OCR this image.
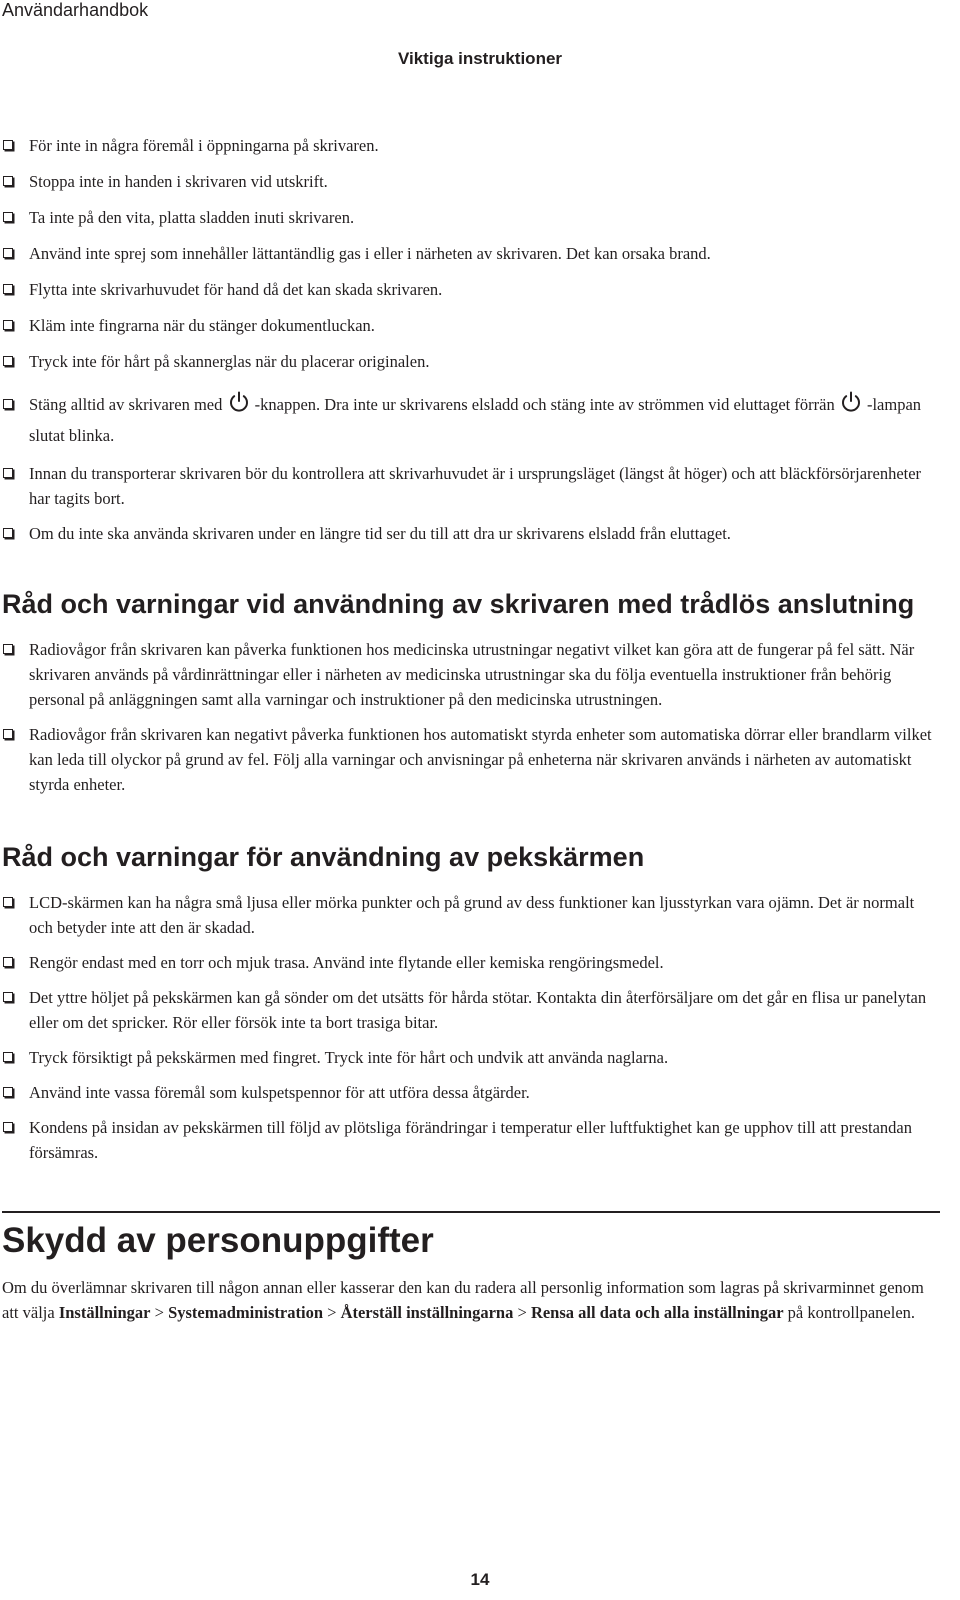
Användarhandbok
Viktiga instruktioner
För inte in några föremål i öppningarna på skrivaren.
Stoppa inte in handen i skrivaren vid utskrift.
Ta inte på den vita, platta sladden inuti skrivaren.
Använd inte sprej som innehåller lättantändlig gas i eller i närheten av skrivaren. Det kan orsaka brand.
Flytta inte skrivarhuvudet för hand då det kan skada skrivaren.
Kläm inte fingrarna när du stänger dokumentluckan.
Tryck inte för hårt på skannerglas när du placerar originalen.
Stäng alltid av skrivaren med  -knappen. Dra inte ur skrivarens elsladd och stäng inte av strömmen vid eluttaget förrän  -lampan slutat blinka.
Innan du transporterar skrivaren bör du kontrollera att skrivarhuvudet är i ursprungsläget (längst åt höger) och att bläckförsörjarenheter har tagits bort.
Om du inte ska använda skrivaren under en längre tid ser du till att dra ur skrivarens elsladd från eluttaget.
Råd och varningar vid användning av skrivaren med trådlös anslutning
Radiovågor från skrivaren kan påverka funktionen hos medicinska utrustningar negativt vilket kan göra att de fungerar på fel sätt. När skrivaren används på vårdinrättningar eller i närheten av medicinska utrustningar ska du följa eventuella instruktioner från behörig personal på anläggningen samt alla varningar och instruktioner på den medicinska utrustningen.
Radiovågor från skrivaren kan negativt påverka funktionen hos automatiskt styrda enheter som automatiska dörrar eller brandlarm vilket kan leda till olyckor på grund av fel. Följ alla varningar och anvisningar på enheterna när skrivaren används i närheten av automatiskt styrda enheter.
Råd och varningar för användning av pekskärmen
LCD-skärmen kan ha några små ljusa eller mörka punkter och på grund av dess funktioner kan ljusstyrkan vara ojämn. Det är normalt och betyder inte att den är skadad.
Rengör endast med en torr och mjuk trasa. Använd inte flytande eller kemiska rengöringsmedel.
Det yttre höljet på pekskärmen kan gå sönder om det utsätts för hårda stötar. Kontakta din återförsäljare om det går en flisa ur panelytan eller om det spricker. Rör eller försök inte ta bort trasiga bitar.
Tryck försiktigt på pekskärmen med fingret. Tryck inte för hårt och undvik att använda naglarna.
Använd inte vassa föremål som kulspetspennor för att utföra dessa åtgärder.
Kondens på insidan av pekskärmen till följd av plötsliga förändringar i temperatur eller luftfuktighet kan ge upphov till att prestandan försämras.
Skydd av personuppgifter
Om du överlämnar skrivaren till någon annan eller kasserar den kan du radera all personlig information som lagras på skrivarminnet genom att välja Inställningar > Systemadministration > Återställ inställningarna > Rensa all data och alla inställningar på kontrollpanelen.
14
